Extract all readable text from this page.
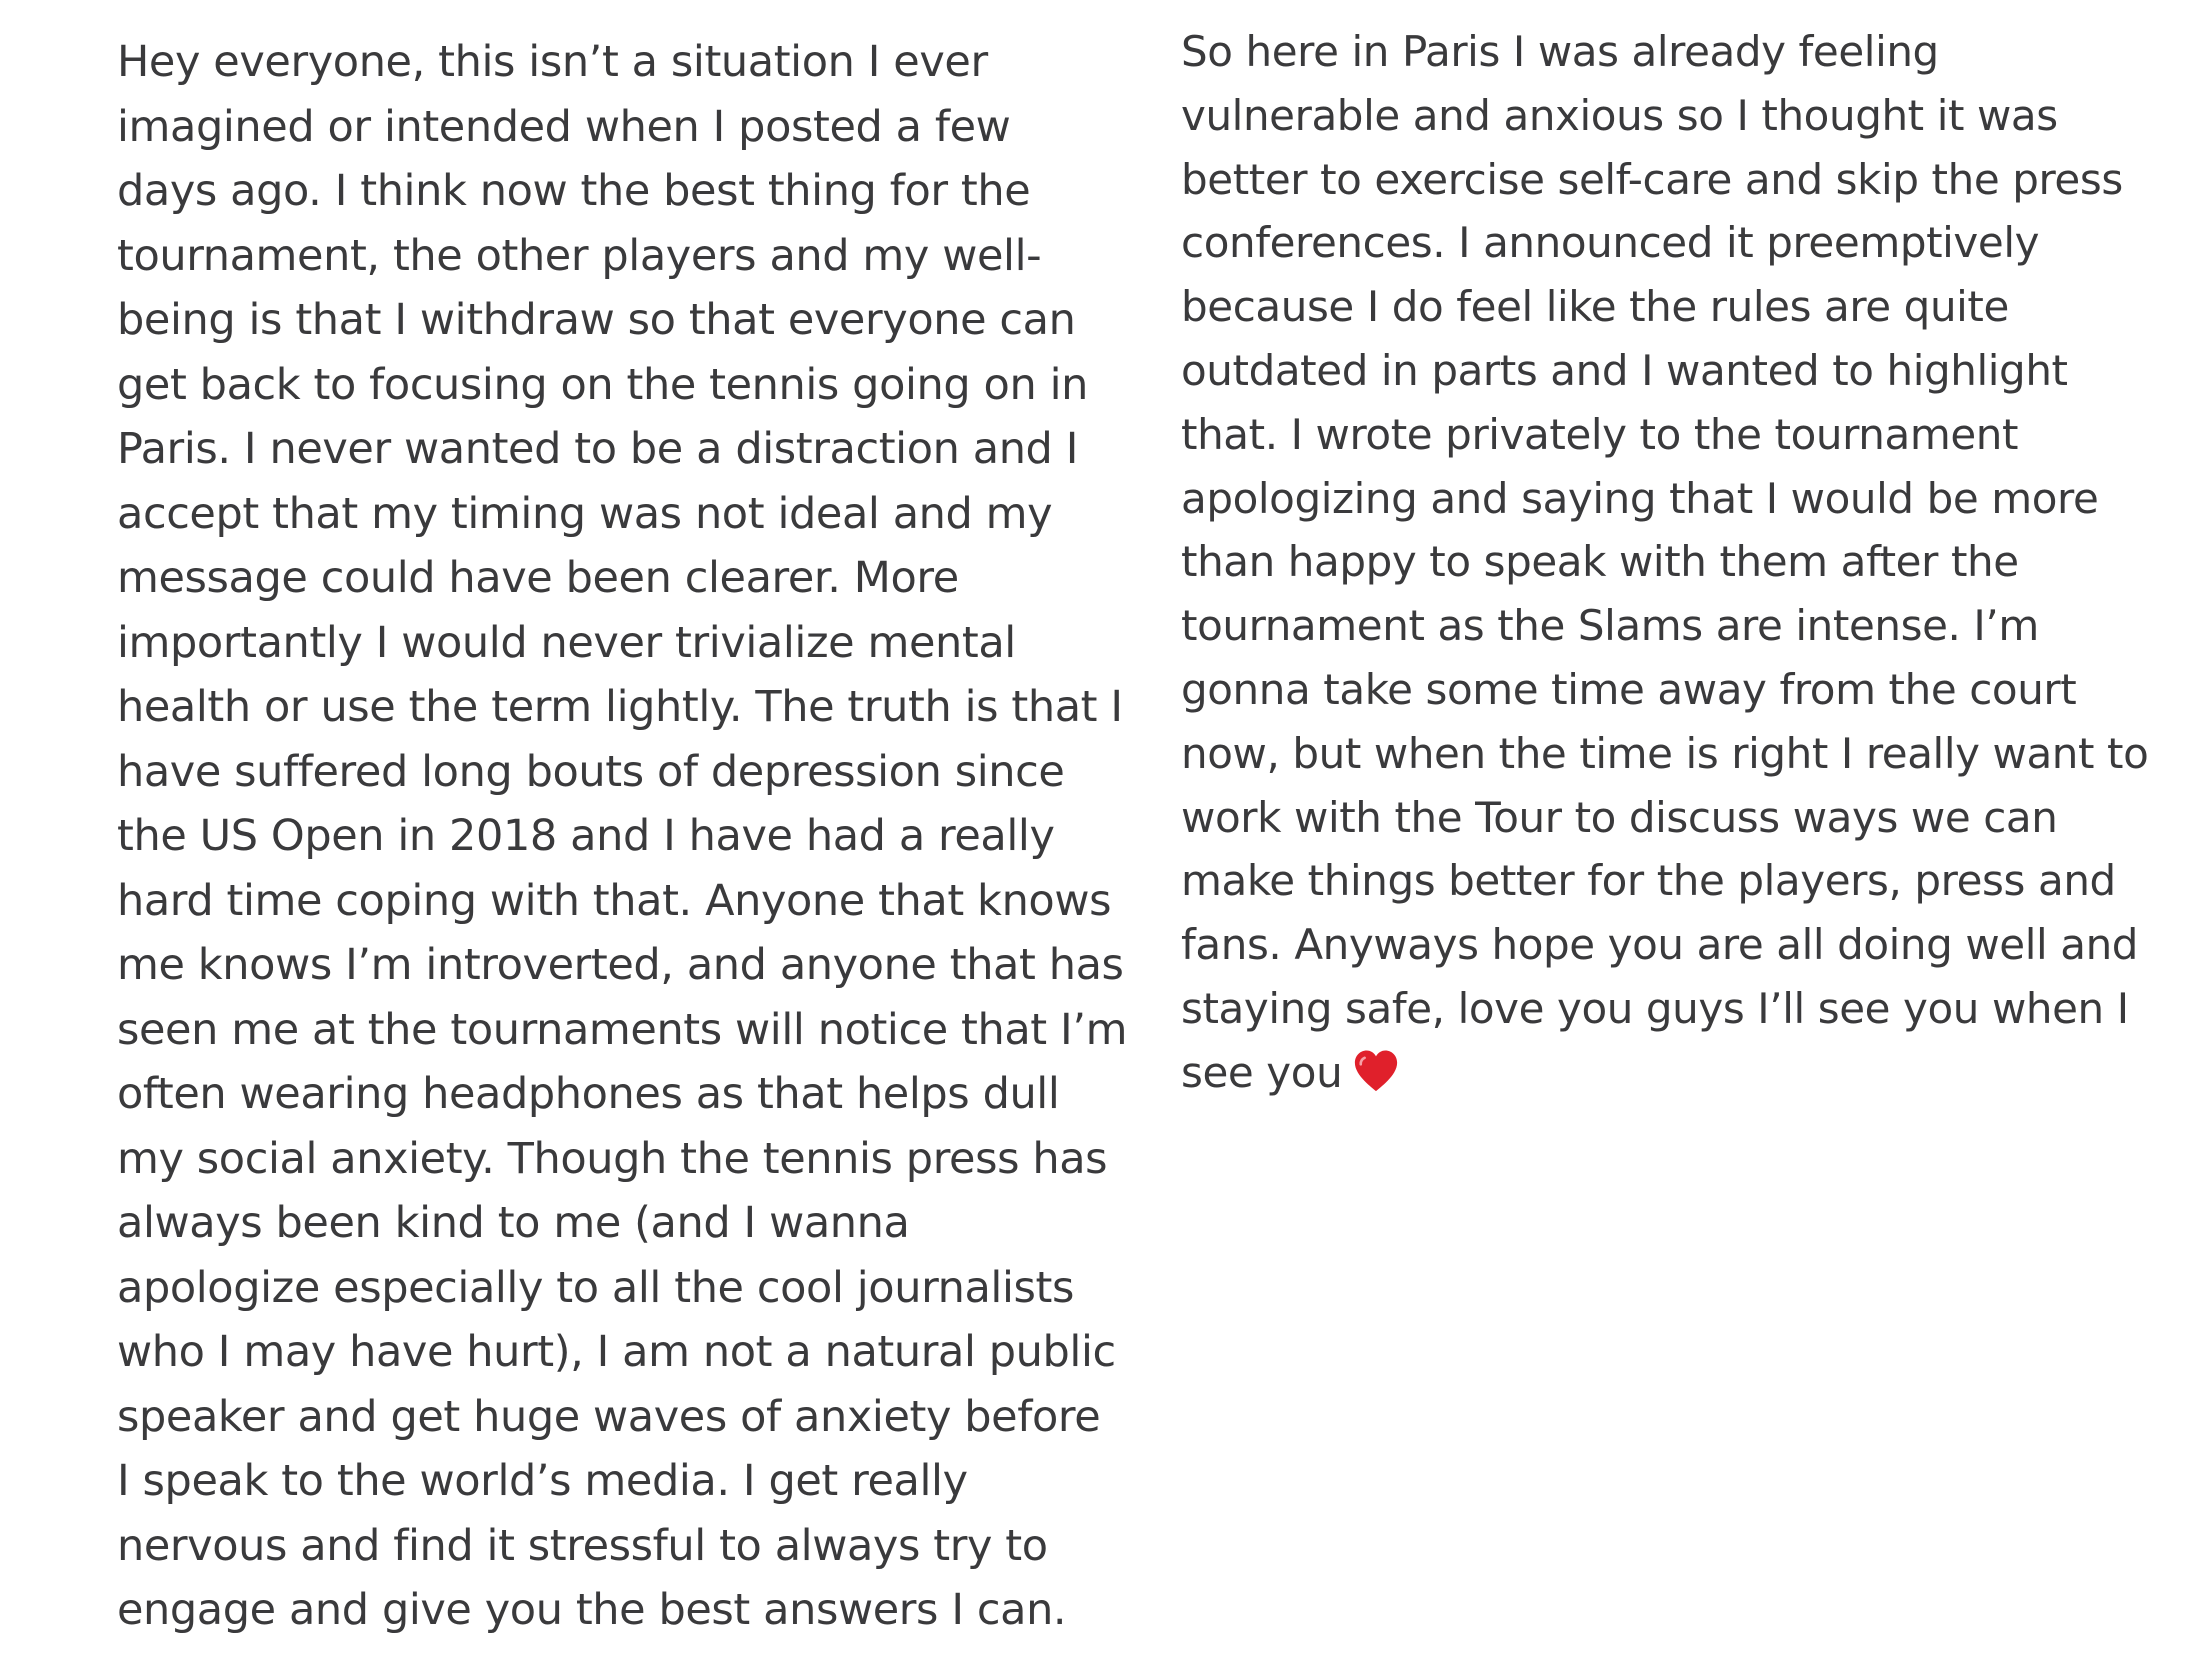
Hey everyone, this isn’t a situation I ever
imagined or intended when I posted a few
days ago. I think now the best thing for the
tournament, the other players and my well-
being is that I withdraw so that everyone can
get back to focusing on the tennis going on in
Paris. I never wanted to be a distraction and I
accept that my timing was not ideal and my
message could have been clearer. More
importantly I would never trivialize mental
health or use the term lightly. The truth is that I
have suffered long bouts of depression since
the US Open in 2018 and I have had a really
hard time coping with that. Anyone that knows
me knows I’m introverted, and anyone that has
seen me at the tournaments will notice that I’m
often wearing headphones as that helps dull
my social anxiety. Though the tennis press has
always been kind to me (and I wanna
apologize especially to all the cool journalists
who I may have hurt), I am not a natural public
speaker and get huge waves of anxiety before
I speak to the world’s media. I get really
nervous and find it stressful to always try to
engage and give you the best answers I can.
So here in Paris I was already feeling
vulnerable and anxious so I thought it was
better to exercise self-care and skip the press
conferences. I announced it preemptively
because I do feel like the rules are quite
outdated in parts and I wanted to highlight
that. I wrote privately to the tournament
apologizing and saying that I would be more
than happy to speak with them after the
tournament as the Slams are intense. I’m
gonna take some time away from the court
now, but when the time is right I really want to
work with the Tour to discuss ways we can
make things better for the players, press and
fans. Anyways hope you are all doing well and
staying safe, love you guys I’ll see you when I
see you
